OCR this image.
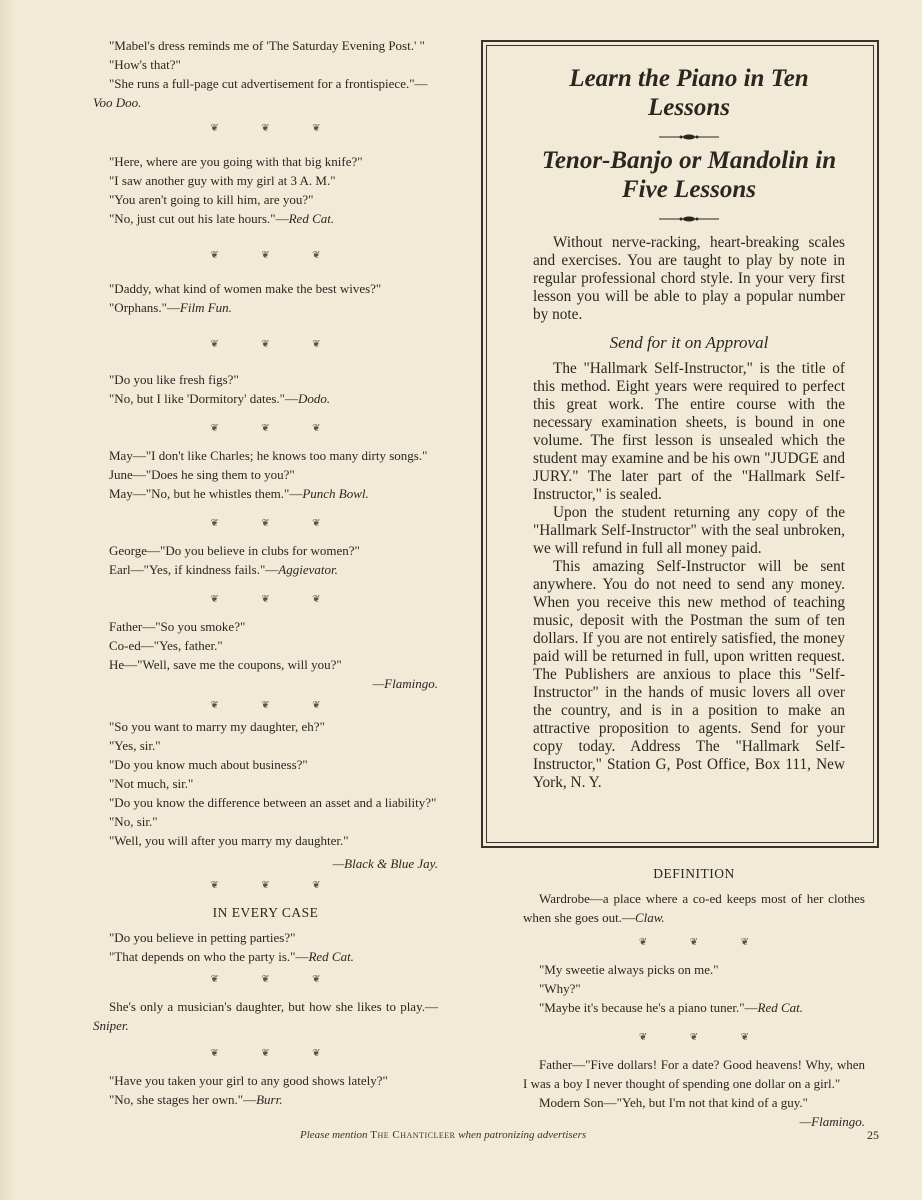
"Mabel's dress reminds me of 'The Saturday Evening Post.' "

"How's that?"

"She runs a full-page cut advertisement for a frontispiece."—Voo Doo.

❦ ❦ ❦

"Here, where are you going with that big knife?"

"I saw another guy with my girl at 3 A. M."

"You aren't going to kill him, are you?"

"No, just cut out his late hours."—Red Cat.

❦ ❦ ❦

"Daddy, what kind of women make the best wives?"

"Orphans."—Film Fun.

❦ ❦ ❦

"Do you like fresh figs?"

"No, but I like 'Dormitory' dates."—Dodo.

❦ ❦ ❦

May—"I don't like Charles; he knows too many dirty songs."

June—"Does he sing them to you?"

May—"No, but he whistles them."—Punch Bowl.

❦ ❦ ❦

George—"Do you believe in clubs for women?"

Earl—"Yes, if kindness fails."—Aggievator.

❦ ❦ ❦

Father—"So you smoke?"

Co-ed—"Yes, father."

He—"Well, save me the coupons, will you?"

—Flamingo.

❦ ❦ ❦

"So you want to marry my daughter, eh?"

"Yes, sir."

"Do you know much about business?"

"Not much, sir."

"Do you know the difference between an asset and a liability?"

"No, sir."

"Well, you will after you marry my daughter."

—Black & Blue Jay.

❦ ❦ ❦
IN EVERY CASE

"Do you believe in petting parties?"

"That depends on who the party is."—Red Cat.

❦ ❦ ❦

She's only a musician's daughter, but how she likes to play.—Sniper.

❦ ❦ ❦

"Have you taken your girl to any good shows lately?"

"No, she stages her own."—Burr.

Learn the Piano in Ten Lessons

Tenor-Banjo or Mandolin in Five Lessons

Without nerve-racking, heart-breaking scales and exercises. You are taught to play by note in regular professional chord style. In your very first lesson you will be able to play a popular number by note.

Send for it on Approval

The "Hallmark Self-Instructor," is the title of this method. Eight years were required to perfect this great work. The entire course with the necessary examination sheets, is bound in one volume. The first lesson is unsealed which the student may examine and be his own "JUDGE and JURY." The later part of the "Hallmark Self-Instructor," is sealed.

Upon the student returning any copy of the "Hallmark Self-Instructor" with the seal unbroken, we will refund in full all money paid.

This amazing Self-Instructor will be sent anywhere. You do not need to send any money. When you receive this new method of teaching music, deposit with the Postman the sum of ten dollars. If you are not entirely satisfied, the money paid will be returned in full, upon written request. The Publishers are anxious to place this "Self-Instructor" in the hands of music lovers all over the country, and is in a position to make an attractive proposition to agents. Send for your copy today. Address The "Hallmark Self-Instructor," Station G, Post Office, Box 111, New York, N. Y.

DEFINITION

Wardrobe—a place where a co-ed keeps most of her clothes when she goes out.—Claw.

❦ ❦ ❦

"My sweetie always picks on me."

"Why?"

"Maybe it's because he's a piano tuner."—Red Cat.

❦ ❦ ❦

Father—"Five dollars! For a date? Good heavens! Why, when I was a boy I never thought of spending one dollar on a girl."

Modern Son—"Yeh, but I'm not that kind of a guy."

—Flamingo.

Please mention The Chanticleer when patronizing advertisers	25
